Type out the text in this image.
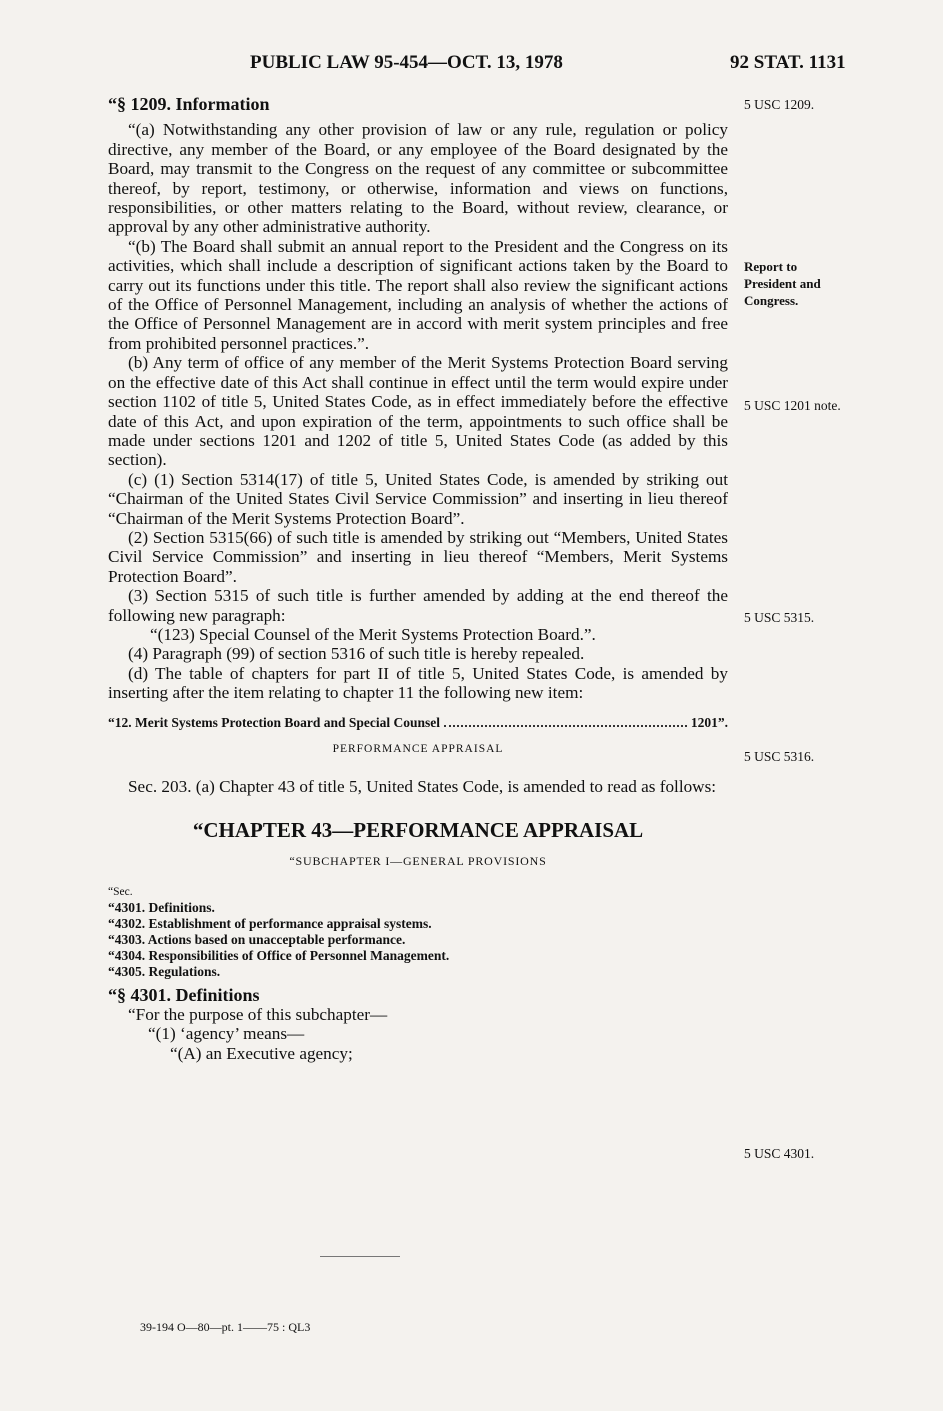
PUBLIC LAW 95-454—OCT. 13, 1978	92 STAT. 1131
5 USC 1209.
Report to
President and
Congress.
5 USC 1201 note.
5 USC 5315.
5 USC 5316.
5 USC 4301.
“§ 1209. Information

“(a) Notwithstanding any other provision of law or any rule, regulation or policy directive, any member of the Board, or any employee of the Board designated by the Board, may transmit to the Congress on the request of any committee or subcommittee thereof, by report, testimony, or otherwise, information and views on functions, responsibilities, or other matters relating to the Board, without review, clearance, or approval by any other administrative authority.

“(b) The Board shall submit an annual report to the President and the Congress on its activities, which shall include a description of significant actions taken by the Board to carry out its functions under this title. The report shall also review the significant actions of the Office of Personnel Management, including an analysis of whether the actions of the Office of Personnel Management are in accord with merit system principles and free from prohibited personnel practices.”.

(b) Any term of office of any member of the Merit Systems Protection Board serving on the effective date of this Act shall continue in effect until the term would expire under section 1102 of title 5, United States Code, as in effect immediately before the effective date of this Act, and upon expiration of the term, appointments to such office shall be made under sections 1201 and 1202 of title 5, United States Code (as added by this section).

(c) (1) Section 5314(17) of title 5, United States Code, is amended by striking out “Chairman of the United States Civil Service Commission” and inserting in lieu thereof “Chairman of the Merit Systems Protection Board”.

(2) Section 5315(66) of such title is amended by striking out “Members, United States Civil Service Commission” and inserting in lieu thereof “Members, Merit Systems Protection Board”.

(3) Section 5315 of such title is further amended by adding at the end thereof the following new paragraph:

“(123) Special Counsel of the Merit Systems Protection Board.”.

(4) Paragraph (99) of section 5316 of such title is hereby repealed.

(d) The table of chapters for part II of title 5, United States Code, is amended by inserting after the item relating to chapter 11 the following new item:

“12. Merit Systems Protection Board and Special Counsel	1201”.
PERFORMANCE APPRAISAL

Sec. 203. (a) Chapter 43 of title 5, United States Code, is amended to read as follows:

“CHAPTER 43—PERFORMANCE APPRAISAL
“SUBCHAPTER I—GENERAL PROVISIONS
“Sec.
“4301. Definitions.
“4302. Establishment of performance appraisal systems.
“4303. Actions based on unacceptable performance.
“4304. Responsibilities of Office of Personnel Management.
“4305. Regulations.
“§ 4301. Definitions
“For the purpose of this subchapter—
“(1) ‘agency’ means—
“(A) an Executive agency;
39-194 O—80—pt. 1——75 : QL3
